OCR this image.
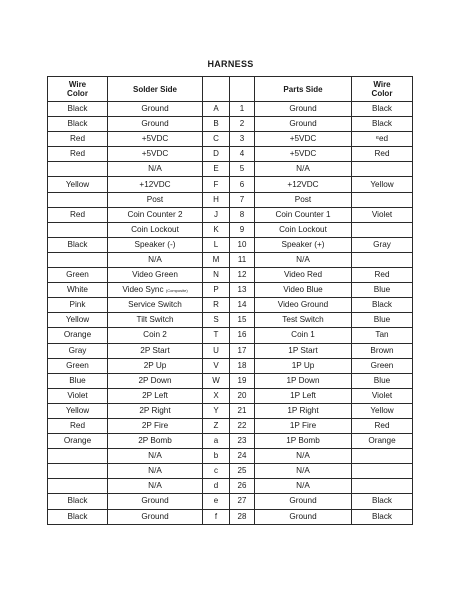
HARNESS
Wire
Color	Solder Side			Parts Side	Wire
Color
Black	Ground	A	1	Ground	Black
Black	Ground	B	2	Ground	Black
Red	+5VDC	C	3	+5VDC	ᵉed
Red	+5VDC	D	4	+5VDC	Red
	N/A	E	5	N/A	
Yellow	+12VDC	F	6	+12VDC	Yellow
	Post	H	7	Post	
Red	Coin Counter 2	J	8	Coin Counter 1	Violet
	Coin Lockout	K	9	Coin Lockout	
Black	Speaker (-)	L	10	Speaker (+)	Gray
	N/A	M	11	N/A	
Green	Video Green	N	12	Video Red	Red
White	Video Sync (Composite)	P	13	Video Blue	Blue
Pink	Service Switch	R	14	Video Ground	Black
Yellow	Tilt Switch	S	15	Test Switch	Blue
Orange	Coin 2	T	16	Coin 1	Tan
Gray	2P Start	U	17	1P Start	Brown
Green	2P Up	V	18	1P Up	Green
Blue	2P Down	W	19	1P Down	Blue
Violet	2P Left	X	20	1P Left	Violet
Yellow	2P Right	Y	21	1P Right	Yellow
Red	2P Fire	Z	22	1P Fire	Red
Orange	2P Bomb	a	23	1P Bomb	Orange
	N/A	b	24	N/A	
	N/A	c	25	N/A	
	N/A	d	26	N/A	
Black	Ground	e	27	Ground	Black
Black	Ground	f	28	Ground	Black
